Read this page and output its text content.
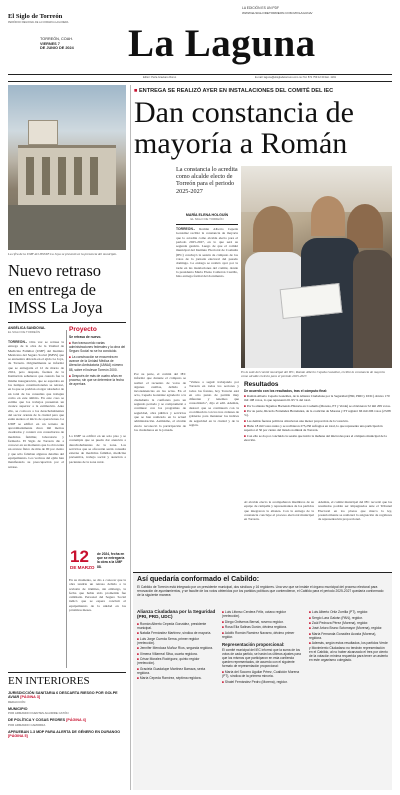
El Siglo de Torreón
PERIÓDICO REGIONAL DE LA COMARCA LAGUNERA
LA EDICIÓN ES UN PDF
WWW.ELSIGLODETORREON.COM.MX/LAGUNA/
TORREÓN, COAH.
VIERNES 7
DE JUNIO DE 2024	La Laguna
Editor: Perla Graciano Romo	E-mail: laguna@elsiglodetorreon.com.mx Tel. 871 759 12 00 Ext. 1191
La cifra de la UMF del ISSSTE La Joya se presentó en la presencia del municipio.
Nuevo retraso
en entrega de
IMSS La Joya
ANGÉLICA SANDOVAL
EL SIGLO DE TORREÓN
TORREÓN.- Otra vez se retrasa la entrega de la obra de la Unidad de Medicina Familiar (UMF) del Instituto Mexicano del Seguro Social (IMSS) que se encuentra ubicada en el ejido La Joya, de Torreón. Originalmente se informó que se entregaría el 12 de marzo de 2024, pero después, fuentes de la Institución señalaron que cuando fue la misma inauguración, que se esperaba en los tiempos constitucionales se retrasó, en la que se podrían otorgar alrededor de un total de las consultas que trabajan como en este ámbito. En este caso se estima que los trabajos presentan un avance superior a la estimación. Ante ello, se convoca a los derechohabientes del sector oriente de la ciudad para que estén atentos al inicio de operaciones. La UMF se edificó en un terreno de aproximadamente cinco mil metros cuadrados y contará con consultorios de medicina familiar, laboratorio y farmacia. El Siglo de Torreón dio a conocer en su momento que la obra tenía un avance físico de más de 90 por ciento y que sólo faltaban algunos detalles del equipamiento. Los vecinos del ejido han manifestado su preocupación por el retraso.
Proyecto
Se retrasa de nuevo.
■ Han transcurrido varias administraciones federales y la obra del Seguro Social no se ha concluido.
■ La construcción se encuentra en avance de la Unidad Médica de Atención Ambulatoria (UMAA) número 88, sobre el bulevar Torreón 2000.
■ Después de más de cuatro años en proceso, sin que se determine la fecha de apertura.
La UMF se edificó en un solo piso y se contempla que se pueda dar atención a derechohabientes de la zona. Los servicios que se ofrecerán serán consulta externa de medicina familiar, medicina preventiva, trabajo social y atención a pacientes de la zona rural.
12
DE MARZO
de 2024, fecha en que se entregaría la obra a la UMF 88.
En su momento, se dio a conocer que la obra tendría un retraso debido a la revisión de trámites, sin embargo, la fecha que había sido prometida fue cambiada. Personal del Seguro Social indicó que se espera concluir el equipamiento de la unidad en los próximos meses.
EN INTERIORES
JURISDICCIÓN SANITARIA 6 DESCARTA RIESGO POR GOLPE AVIAR [PÁGINA 3]
REDACCIÓN
MUNICIPIO
POR ARMANDO FUENTES AGUIRRE CATÓN
DE POLÍTICA Y COSAS PEORES [PÁGINA 4]
POR ARMANDO CAMORRA
APRUEBAN 1.3 MDP PARA ALERTA DE GÉNERO EN DURANGO [PÁGINA 5]
■ ENTREGA SE REALIZÓ AYER EN INSTALACIONES DEL COMITÉ DEL IEC
Dan constancia de
mayoría a Román
La constancia lo acredita como alcalde electo de Torreón para el periodo 2025-2027
MARÍA ELENA HOLGUÍN
EL SIGLO DE TORREÓN
TORREÓN.- Román Alberto Cepeda González recibió la constancia de mayoría que lo acredita como alcalde electo para el periodo 2025-2027, en lo que será su segunda gestión. Luego de que el comité municipal del Instituto Electoral de Coahuila (IEC) concluyó la sesión de cómputo de los votos de la jornada electoral del pasado domingo. La entrega se realizó ayer por la tarde en las instalaciones del comité, donde la presidenta María Elena Calderón Castillo, hizo entrega formal del documento.
En la sede del comité municipal del IEC, Román Alberto Cepeda González, recibió la constancia de mayoría como alcalde reelecto para el periodo 2025-2027.
Por su parte, el comité del IEC informó que durante el cómputo se realizó el recuento de votos de algunas casillas, debido a inconsistencias en las actas. En el acto, Cepeda González agradeció a la ciudadanía la confianza para un segundo periodo y se comprometió a continuar con los programas de seguridad, obra pública y servicios que se han realizado en la actual administración. Asimismo, el alcalde electo reconoció la participación de los ciudadanos en la jornada.
"Vamos a seguir trabajando por Torreón en todos los sectores y todos los frentes, hoy Torreón está en otro punto de partida muy diferente y tenemos que consolidarlo", dijo el edil. Además, destacó que se continuará con la coordinación con los tres órdenes de gobierno para mantener los índices de seguridad en la ciudad y de la región.
Resultados
De acuerdo con los resultados, tras el cómputo final:
■ Román Alberto Cepeda González, de la Alianza Ciudadana por la Seguridad (PRI, PRD y UDC) obtuvo 170 mil 108 votos, lo que representó 61.95 % del total.
■ Por la alianza Sigamos Haciendo Historia en Coahuila (Morena, PT y Verde) se obtuvieron 52 mil 209 votos.
■ Por su parte, Ricardo Fernández Hernández, de la coalición de Morena y PT registró 66 mil 206 votos (23.88 %).
■ Las demás fuerzas políticas obtuvieron una menor proporción de la votación.
■ Hubo 18 mil votos nulos y se recibieron 275,250 sufragios en total, lo que representa una participación superior al 50 por ciento del listado nominal de Torreón.
■ Con ello se da por concluido la sesión que inició la mañana del miércoles para el cómputo municipal de la elección.
Al alcalde electo le acompañaron miembros de su equipo de campaña y representantes de los partidos que integraron la alianza. Con la entrega de la constancia concluye el proceso electoral municipal en Torreón.
Además, el comité municipal del IEC recordó que los resultados podrán ser impugnados ante el Tribunal Electoral en los plazos que marca la ley, posteriormente se realizará la asignación de regidores de representación proporcional.
Así quedaría conformado el Cabildo:
El Cabildo de Torreón está integrado por un presidente municipal, dos síndicos y 16 regidores. Una vez que se instale el órgano municipal del proceso electoral para renovación de ayuntamientos, y se faculte de los votos obtenidos por los partidos políticos que contendieron, el Cabildo para el periodo 2025-2027 quedaría conformado de la siguiente manera:
Alianza Ciudadana por la Seguridad (PRI, PRD, UDC)
■ Román Alberto Cepeda González, presidente municipal.
■ Natalia Fernández Martínez, síndica de mayoría.
■ Luis Jorge Cuerda Serna, primer regidor (reelección).
■ Jennifer Mendoza Muñoz Ríos, segunda regidora.
■ Ximena Villarreal Silva, cuarta regidora.
■ César Morales Rodríguez, quinto regidor (reelección).
■ Graciela Guadalupe Martínez Barraza, sexta regidora.
■ María Cepeda Ramírez, séptima regidora.
■ Luis Lifonso Cerdera Félix, octavo regidor (reelección).
■ Diego Ontiveros Bernal, noveno regidor.
■ Rosa Elia Salinas Durán, décima regidora.
■ Adolfo Román Ramírez Navarro, décimo primer regidor.
Representación proporcional:
El comité municipal del IEC informó que la suma de los votos de cada partido, se harán los últimos ajustes para que los mismos que participaron en esta contienda queden representados, de acuerdo con el siguiente formato de representación proporcional:
■ María del Socorro Aguilar Pérez, Coalición Morena (PT), síndica de la primera minoría.
■ Shaiel Fernández Pedro (Morena), regidor.
■ Luis Alberto Ortiz Zorrilla (PT), regidor.
■ Sergio Lara Galván (PAN), regidor.
■ Zaúl Pedroza Pérez (Morena), regidor.
■ José Arturo Bruno Sotomayor (Morena), regidor.
■ María Fernanda González Acosta (Morena), regidora.
■ Además, según estos resultados, los partidos Verde y Movimiento Ciudadano no tendrán representación en el Cabildo, al no haber alcanzado el tres por ciento de la votación mínima requerida para tener un asiento en este organismo colegiado.
